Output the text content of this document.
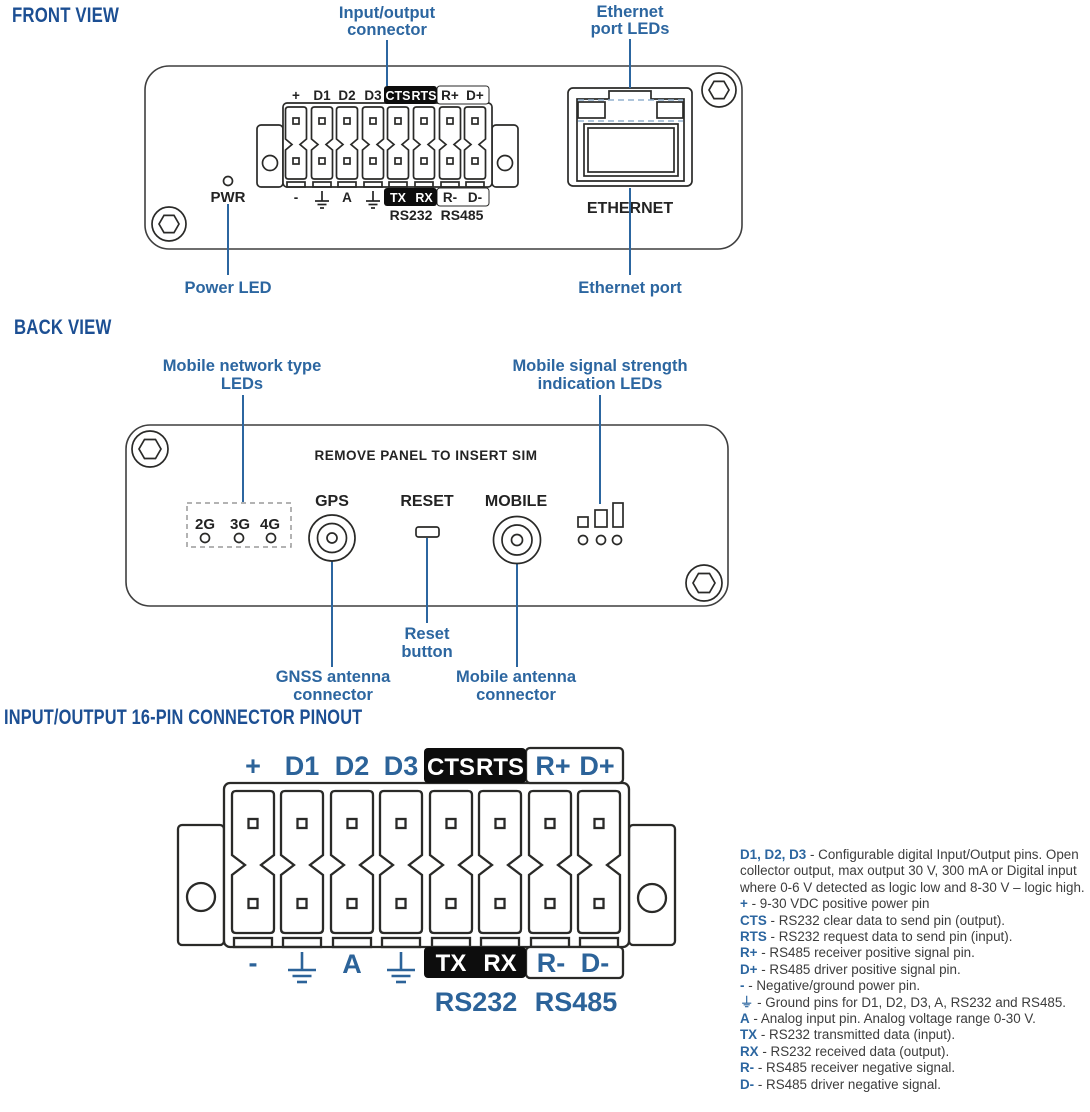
FRONT VIEW
PWR
+ D1 D2 D3 CTS RTS R+ D+
-	A	TX RX R- D-
RS232 RS485	ETHERNET
Input/output
connector
Ethernet
port LEDs
Power LED	Ethernet port
BACK VIEW
REMOVE PANEL TO INSERT SIM
2G 3G 4G
GPS	RESET MOBILE
Mobile network type
LEDs
Mobile signal strength
indication LEDs
Reset
button
GNSS antenna
connector
Mobile antenna
connector
INPUT/OUTPUT 16-PIN CONNECTOR PINOUT
+ D1 D2 D3 CTS RTS R+ D+
-	A	TX RX R- D-
RS232 RS485

D1, D2, D3 - Configurable digital Input/Output pins. Open collector output, max output 30 V, 300 mA or Digital input where 0-6 V detected as logic low and 8-30 V – logic high.

+ - 9-30 VDC positive power pin

CTS - RS232 clear data to send pin (output).

RTS - RS232 request data to send pin (input).

R+ - RS485 receiver positive signal pin.

D+ - RS485 driver positive signal pin.

- - Negative/ground power pin.

⏚ - Ground pins for D1, D2, D3, A, RS232 and RS485.

A - Analog input pin. Analog voltage range 0-30 V.

TX - RS232 transmitted data (input).

RX - RS232 received data (output).

R- - RS485 receiver negative signal.

D- - RS485 driver negative signal.
